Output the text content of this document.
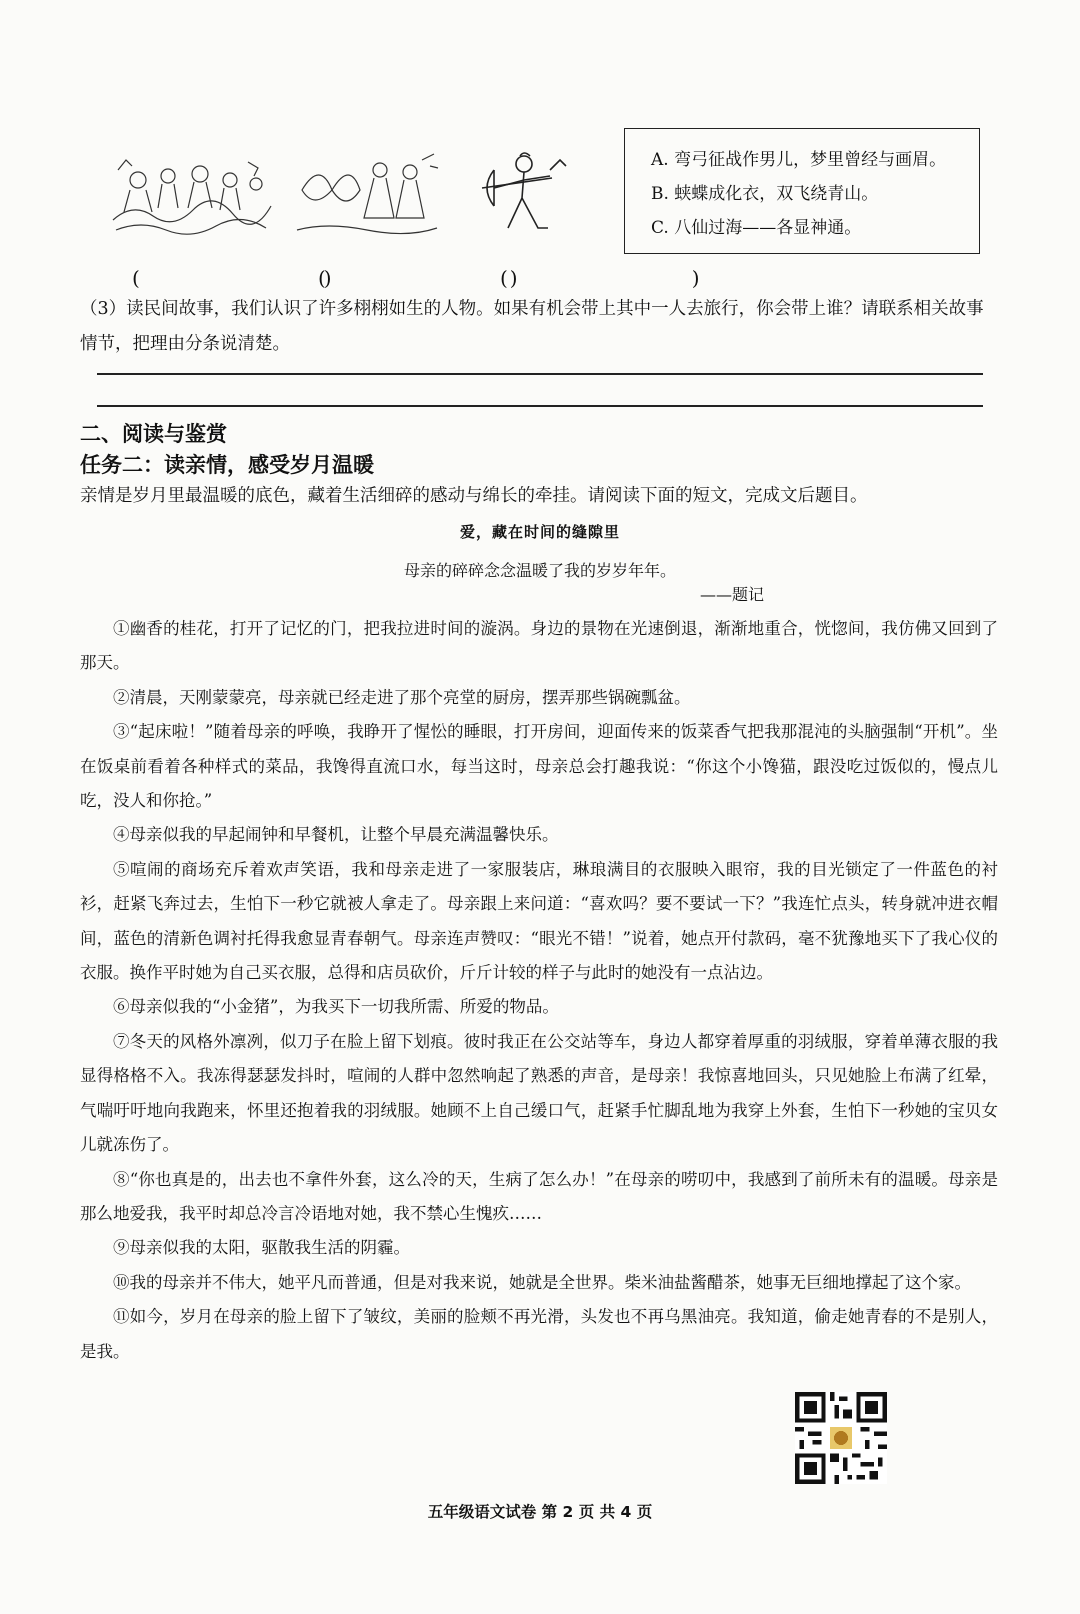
A. 弯弓征战作男儿，梦里曾经与画眉。
B. 蛱蝶成化衣，双飞绕青山。
C. 八仙过海——各显神通。
(　　)
(　　)
(　　)
（3）读民间故事，我们认识了许多栩栩如生的人物。如果有机会带上其中一人去旅行，你会带上谁？请联系相关故事情节，把理由分条说清楚。
二、阅读与鉴赏
任务二：读亲情，感受岁月温暖
亲情是岁月里最温暖的底色，藏着生活细碎的感动与绵长的牵挂。请阅读下面的短文，完成文后题目。
爱，藏在时间的缝隙里
母亲的碎碎念念温暖了我的岁岁年年。
——题记

①幽香的桂花，打开了记忆的门，把我拉进时间的漩涡。身边的景物在光速倒退，渐渐地重合，恍惚间，我仿佛又回到了那天。

②清晨，天刚蒙蒙亮，母亲就已经走进了那个亮堂的厨房，摆弄那些锅碗瓢盆。

③“起床啦！”随着母亲的呼唤，我睁开了惺忪的睡眼，打开房间，迎面传来的饭菜香气把我那混沌的头脑强制“开机”。坐在饭桌前看着各种样式的菜品，我馋得直流口水，每当这时，母亲总会打趣我说：“你这个小馋猫，跟没吃过饭似的，慢点儿吃，没人和你抢。”

④母亲似我的早起闹钟和早餐机，让整个早晨充满温馨快乐。

⑤喧闹的商场充斥着欢声笑语，我和母亲走进了一家服装店，琳琅满目的衣服映入眼帘，我的目光锁定了一件蓝色的衬衫，赶紧飞奔过去，生怕下一秒它就被人拿走了。母亲跟上来问道：“喜欢吗？要不要试一下？”我连忙点头，转身就冲进衣帽间，蓝色的清新色调衬托得我愈显青春朝气。母亲连声赞叹：“眼光不错！”说着，她点开付款码，毫不犹豫地买下了我心仪的衣服。换作平时她为自己买衣服，总得和店员砍价，斤斤计较的样子与此时的她没有一点沾边。

⑥母亲似我的“小金猪”，为我买下一切我所需、所爱的物品。

⑦冬天的风格外凛冽，似刀子在脸上留下划痕。彼时我正在公交站等车，身边人都穿着厚重的羽绒服，穿着单薄衣服的我显得格格不入。我冻得瑟瑟发抖时，喧闹的人群中忽然响起了熟悉的声音，是母亲！我惊喜地回头，只见她脸上布满了红晕，气喘吁吁地向我跑来，怀里还抱着我的羽绒服。她顾不上自己缓口气，赶紧手忙脚乱地为我穿上外套，生怕下一秒她的宝贝女儿就冻伤了。

⑧“你也真是的，出去也不拿件外套，这么冷的天，生病了怎么办！”在母亲的唠叨中，我感到了前所未有的温暖。母亲是那么地爱我，我平时却总冷言冷语地对她，我不禁心生愧疚……

⑨母亲似我的太阳，驱散我生活的阴霾。

⑩我的母亲并不伟大，她平凡而普通，但是对我来说，她就是全世界。柴米油盐酱醋茶，她事无巨细地撑起了这个家。

⑪如今，岁月在母亲的脸上留下了皱纹，美丽的脸颊不再光滑，头发也不再乌黑油亮。我知道，偷走她青春的不是别人，是我。

五年级语文试卷 第 2 页 共 4 页
